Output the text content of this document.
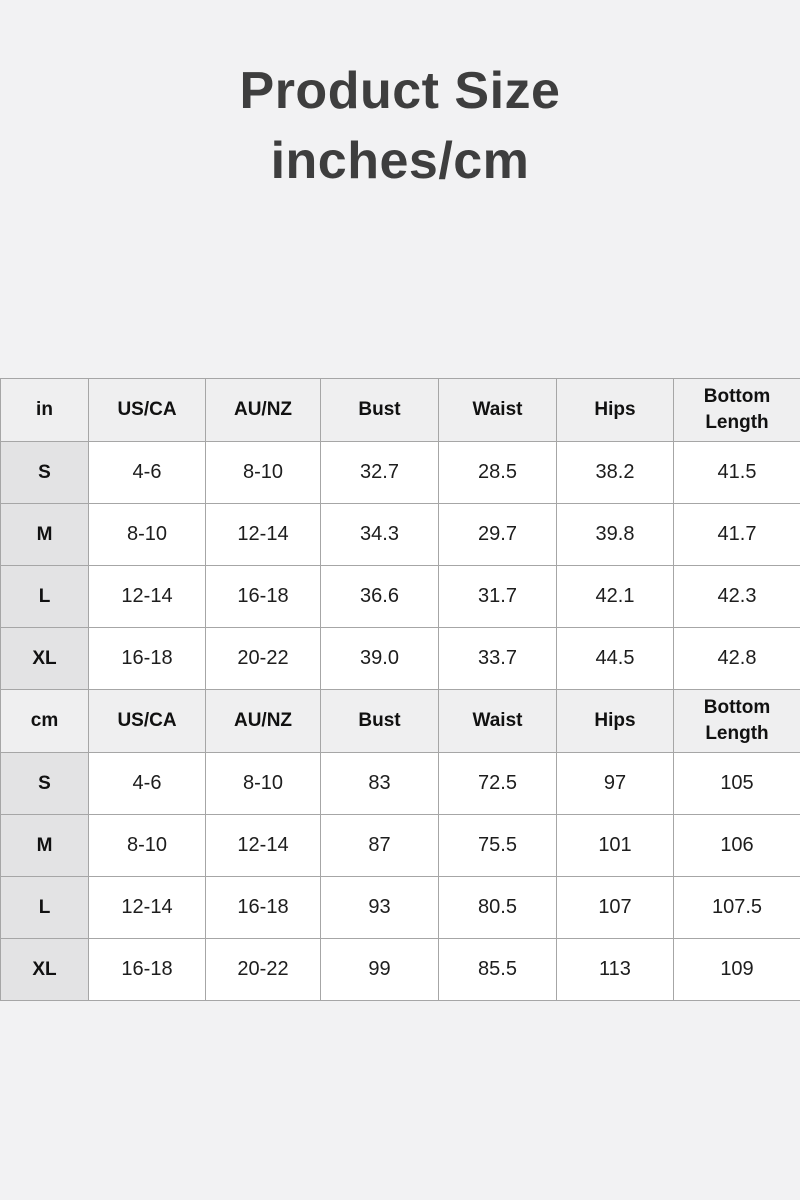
Product Size
inches/cm
in	US/CA	AU/NZ	Bust	Waist	Hips	Bottom Length
S	4-6	8-10	32.7	28.5	38.2	41.5
M	8-10	12-14	34.3	29.7	39.8	41.7
L	12-14	16-18	36.6	31.7	42.1	42.3
XL	16-18	20-22	39.0	33.7	44.5	42.8
cm	US/CA	AU/NZ	Bust	Waist	Hips	Bottom Length
S	4-6	8-10	83	72.5	97	105
M	8-10	12-14	87	75.5	101	106
L	12-14	16-18	93	80.5	107	107.5
XL	16-18	20-22	99	85.5	113	109
